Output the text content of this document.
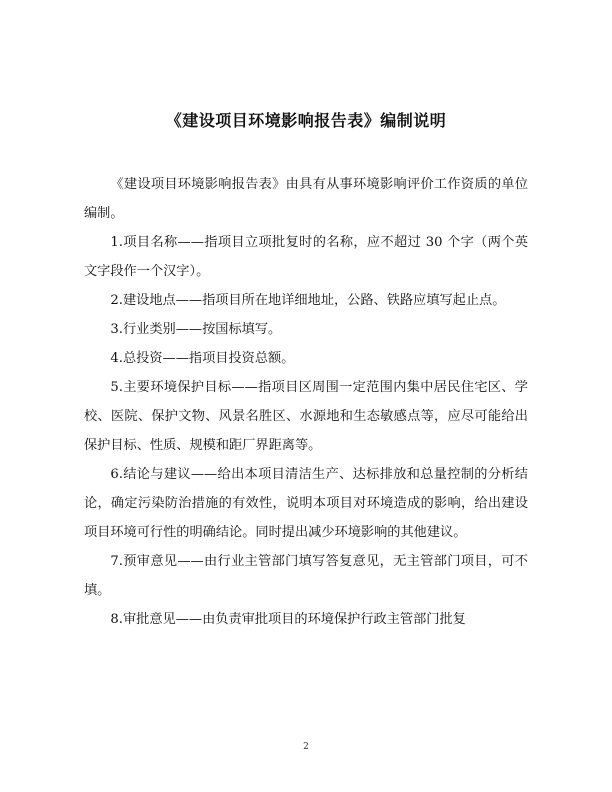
《建设项目环境影响报告表》编制说明

《建设项目环境影响报告表》由具有从事环境影响评价工作资质的单位编制。

1.项目名称——指项目立项批复时的名称，应不超过 30 个字（两个英文字段作一个汉字）。

2.建设地点——指项目所在地详细地址，公路、铁路应填写起止点。

3.行业类别——按国标填写。

4.总投资——指项目投资总额。

5.主要环境保护目标——指项目区周围一定范围内集中居民住宅区、学校、医院、保护文物、风景名胜区、水源地和生态敏感点等，应尽可能给出保护目标、性质、规模和距厂界距离等。

6.结论与建议——给出本项目清洁生产、达标排放和总量控制的分析结论，确定污染防治措施的有效性，说明本项目对环境造成的影响，给出建设项目环境可行性的明确结论。同时提出减少环境影响的其他建议。

7.预审意见——由行业主管部门填写答复意见，无主管部门项目，可不填。

8.审批意见——由负责审批项目的环境保护行政主管部门批复

2
